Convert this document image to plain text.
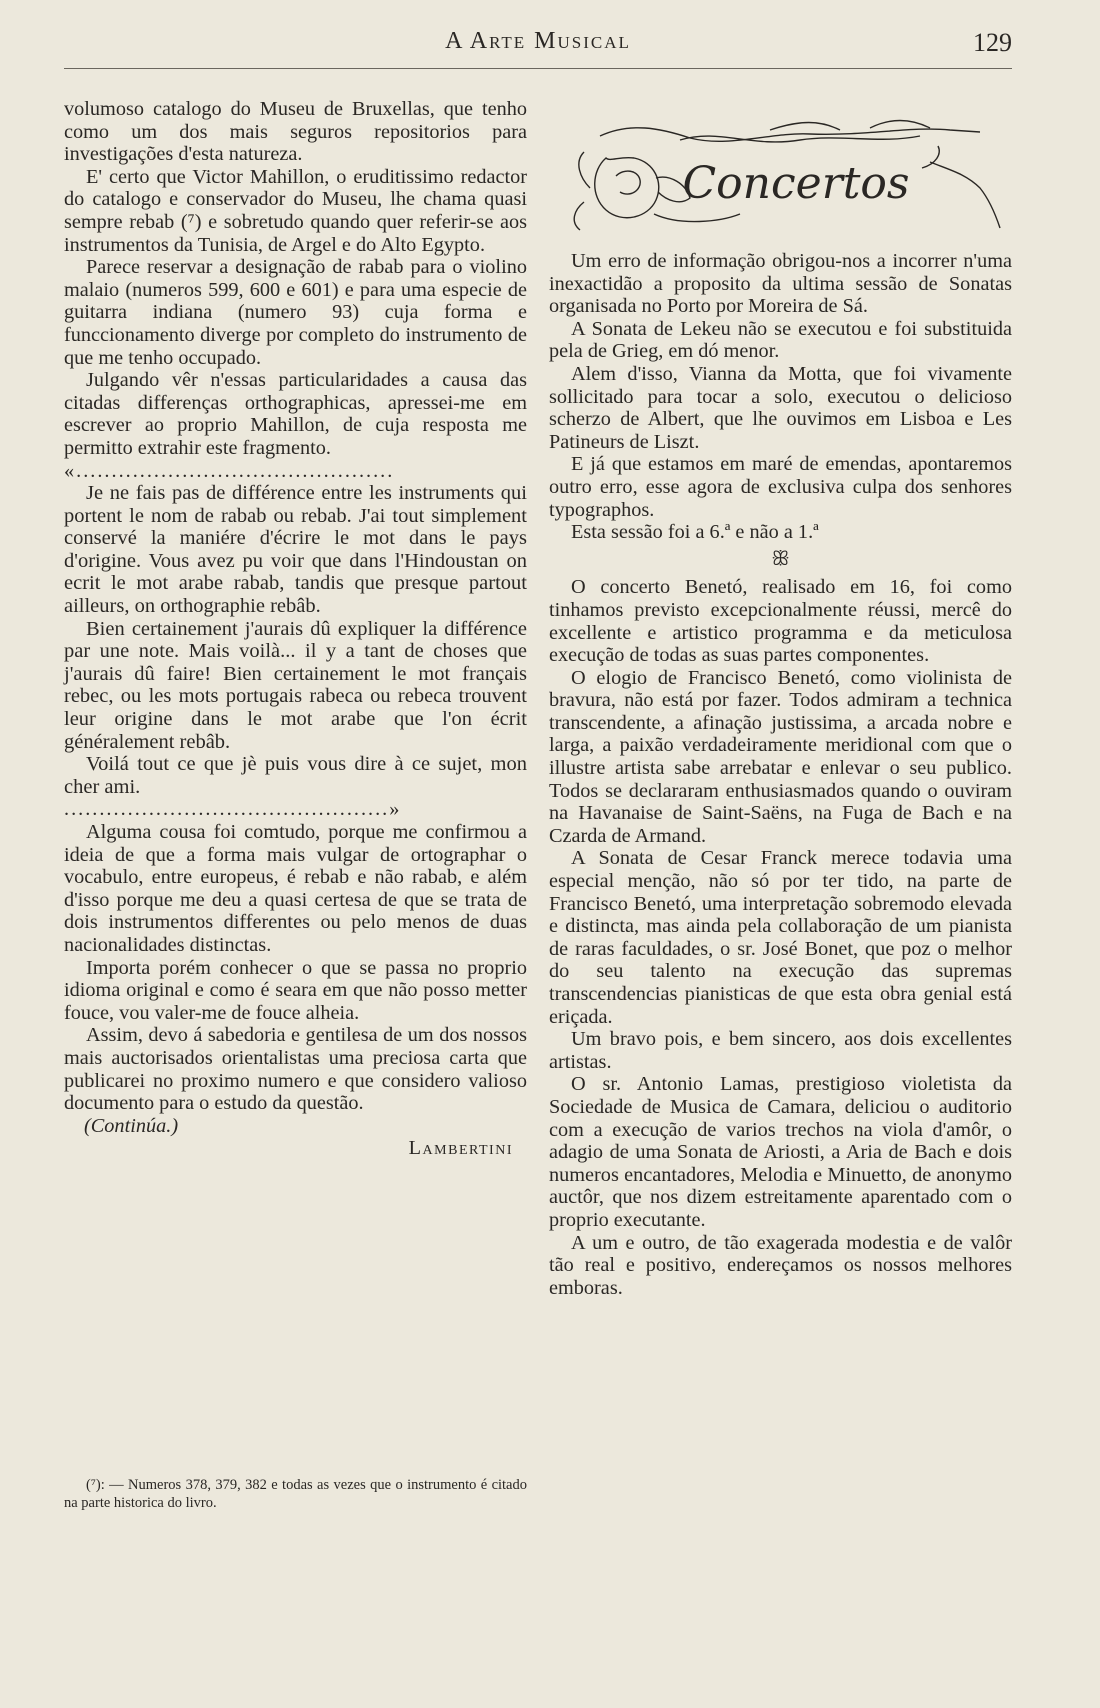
A Arte Musical	129

volumoso catalogo do Museu de Bruxellas, que tenho como um dos mais seguros repositorios para investigações d'esta natureza.

E' certo que Victor Mahillon, o eruditissimo redactor do catalogo e conservador do Museu, lhe chama quasi sempre rebab (⁷) e sobretudo quando quer referir-se aos instrumentos da Tunisia, de Argel e do Alto Egypto.

Parece reservar a designação de rabab para o violino malaio (numeros 599, 600 e 601) e para uma especie de guitarra indiana (numero 93) cuja forma e funccionamento diverge por completo do instrumento de que me tenho occupado.

Julgando vêr n'essas particularidades a causa das citadas differenças orthographicas, apressei-me em escrever ao proprio Mahillon, de cuja resposta me permitto extrahir este fragmento.

«.............................................

Je ne fais pas de différence entre les instruments qui portent le nom de rabab ou rebab. J'ai tout simplement conservé la maniére d'écrire le mot dans le pays d'origine. Vous avez pu voir que dans l'Hindoustan on ecrit le mot arabe rabab, tandis que presque partout ailleurs, on orthographie rebâb.

Bien certainement j'aurais dû expliquer la différence par une note. Mais voilà... il y a tant de choses que j'aurais dû faire! Bien certainement le mot français rebec, ou les mots portugais rabeca ou rebeca trouvent leur origine dans le mot arabe que l'on écrit généralement rebâb.

Voilá tout ce que jè puis vous dire à ce sujet, mon cher ami.

..............................................»

Alguma cousa foi comtudo, porque me confirmou a ideia de que a forma mais vulgar de ortographar o vocabulo, entre europeus, é rebab e não rabab, e além d'isso porque me deu a quasi certesa de que se trata de dois instrumentos differentes ou pelo menos de duas nacionalidades distinctas.

Importa porém conhecer o que se passa no proprio idioma original e como é seara em que não posso metter fouce, vou valer-me de fouce alheia.

Assim, devo á sabedoria e gentilesa de um dos nossos mais auctorisados orientalistas uma preciosa carta que publicarei no proximo numero e que considero valioso documento para o estudo da questão.

(Continúa.)

Lambertini

(⁷): — Numeros 378, 379, 382 e todas as vezes que o instrumento é citado na parte historica do livro.
Concertos

Um erro de informação obrigou-nos a incorrer n'uma inexactidão a proposito da ultima sessão de Sonatas organisada no Porto por Moreira de Sá.

A Sonata de Lekeu não se executou e foi substituida pela de Grieg, em dó menor.

Alem d'isso, Vianna da Motta, que foi vivamente sollicitado para tocar a solo, executou o delicioso scherzo de Albert, que lhe ouvimos em Lisboa e Les Patineurs de Liszt.

E já que estamos em maré de emendas, apontaremos outro erro, esse agora de exclusiva culpa dos senhores typographos.

Esta sessão foi a 6.ª e não a 1.ª

ꕥ

O concerto Benetó, realisado em 16, foi como tinhamos previsto excepcionalmente réussi, mercê do excellente e artistico programma e da meticulosa execução de todas as suas partes componentes.

O elogio de Francisco Benetó, como violinista de bravura, não está por fazer. Todos admiram a technica transcendente, a afinação justissima, a arcada nobre e larga, a paixão verdadeiramente meridional com que o illustre artista sabe arrebatar e enlevar o seu publico. Todos se declararam enthusiasmados quando o ouviram na Havanaise de Saint-Saëns, na Fuga de Bach e na Czarda de Armand.

A Sonata de Cesar Franck merece todavia uma especial menção, não só por ter tido, na parte de Francisco Benetó, uma interpretação sobremodo elevada e distincta, mas ainda pela collaboração de um pianista de raras faculdades, o sr. José Bonet, que poz o melhor do seu talento na execução das supremas transcendencias pianisticas de que esta obra genial está eriçada.

Um bravo pois, e bem sincero, aos dois excellentes artistas.

O sr. Antonio Lamas, prestigioso violetista da Sociedade de Musica de Camara, deliciou o auditorio com a execução de varios trechos na viola d'amôr, o adagio de uma Sonata de Ariosti, a Aria de Bach e dois numeros encantadores, Melodia e Minuetto, de anonymo auctôr, que nos dizem estreitamente aparentado com o proprio executante.

A um e outro, de tão exagerada modestia e de valôr tão real e positivo, endereçamos os nossos melhores emboras.
